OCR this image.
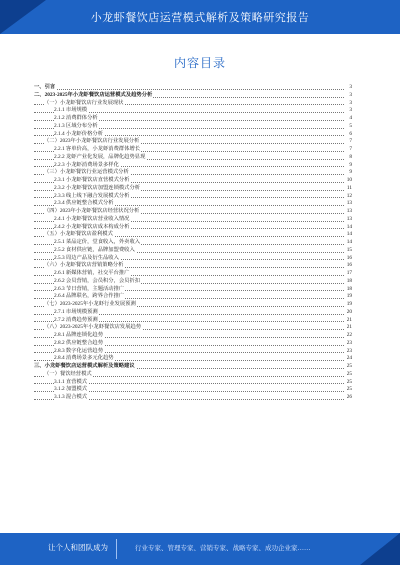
小龙虾餐饮店运营模式解析及策略研究报告
内容目录
一、引言	3
二、2023-2025年小龙虾餐饮店运营模式及趋势分析	3
（一）小龙虾餐饮店行业发展现状	3
2.1.1 市场规模	3
2.1.2 消费群体分析	4
2.1.3 区域分布分析	5
2.1.4 小龙虾价格分析	6
（二）2023年小龙虾餐饮店行业发展分析	7
2.2.1 客单价高，小龙虾消费群体增长	7
2.2.2 龙虾产业化发展，品牌化趋势显现	8
2.2.3 小龙虾消费场景多样化	9
（三）小龙虾餐饮行业运营模式分析	9
2.3.1 小龙虾餐饮店直营模式分析	10
2.3.2 小龙虾餐饮店加盟连锁模式分析	11
2.3.3 线上线下融合发展模式分析	12
2.3.4 供应链整合模式分析	13
（四）2023年小龙虾餐饮店经营状况分析	13
2.4.1 小龙虾餐饮店营业收入情况	13
2.4.2 小龙虾餐饮店成本构成分析	14
（五）小龙虾餐饮店盈利模式	14
2.5.1 菜品定价，堂食收入，外卖收入	14
2.5.2 食材供应链，品牌加盟费收入	15
2.5.3 周边产品及衍生品收入	16
（六）小龙虾餐饮店营销策略分析	16
2.6.1 新媒体营销，社交平台推广	17
2.6.2 会员营销，会员积分，会员折扣	18
2.6.3 节日营销，主题活动推广	18
2.6.4 品牌联名，跨界合作推广	19
（七）2023-2025年小龙虾行业发展预测	19
2.7.1 市场规模预测	20
2.7.2 消费趋势预测	21
（八）2023-2025年小龙虾餐饮店发展趋势	21
2.8.1 品牌连锁化趋势	22
2.8.2 供应链整合趋势	23
2.8.3 数字化运营趋势	23
2.8.4 消费场景多元化趋势	24
三、小龙虾餐饮店运营模式解析及策略建议	25
（一）餐饮经营模式	25
3.1.1 直营模式	25
3.1.2 加盟模式	25
3.1.3 混合模式	26
让个人和团队成为	行业专家、管理专家、营销专家、战略专家、成功企业家……
